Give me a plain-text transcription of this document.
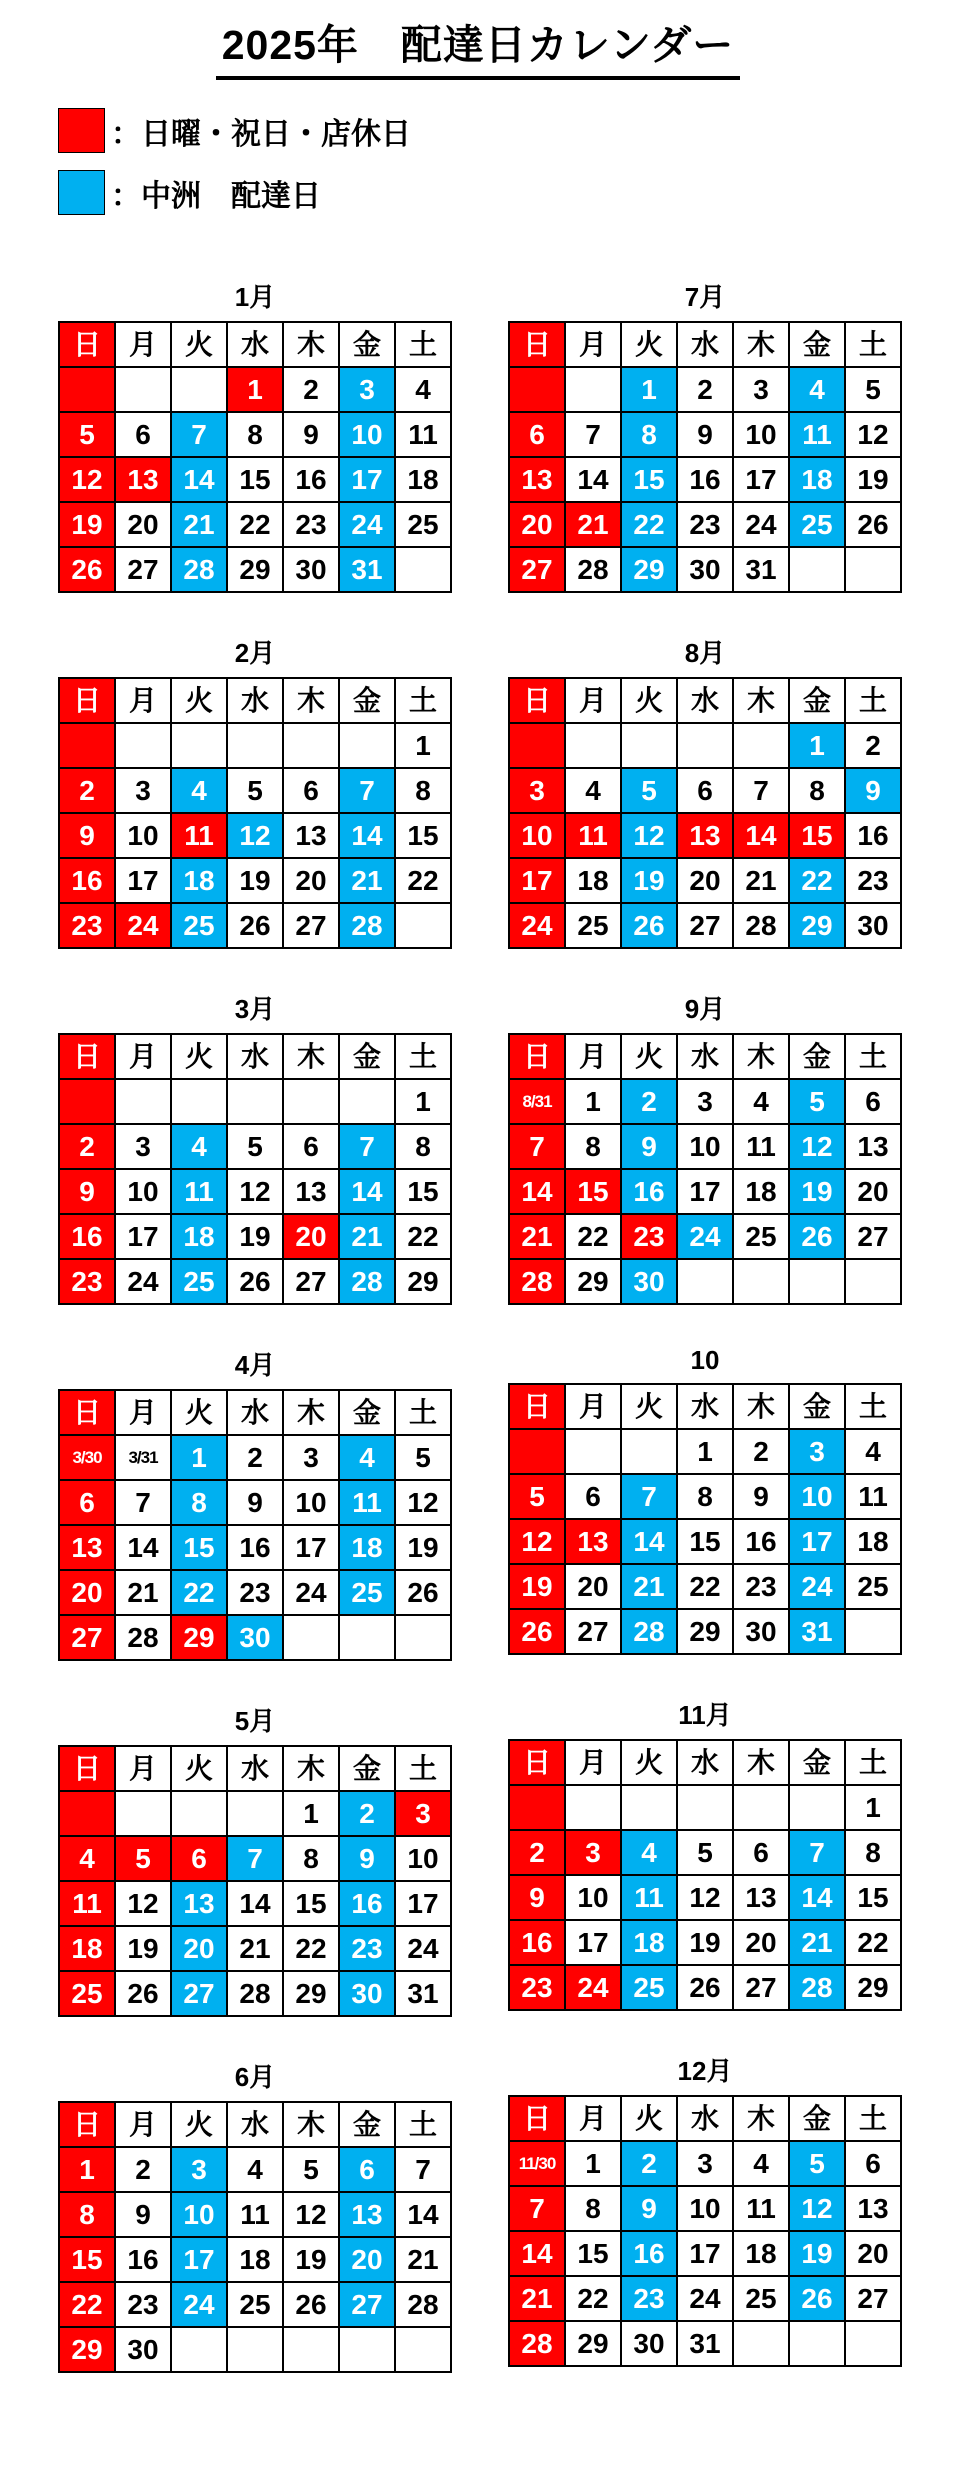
2025年　配達日カレンダー
：日曜・祝日・店休日
：中洲　配達日
1月
日	月	火	水	木	金	土
			1	2	3	4
5	6	7	8	9	10	11
12	13	14	15	16	17	18
19	20	21	22	23	24	25
26	27	28	29	30	31	
2月
日	月	火	水	木	金	土
						1
2	3	4	5	6	7	8
9	10	11	12	13	14	15
16	17	18	19	20	21	22
23	24	25	26	27	28	
3月
日	月	火	水	木	金	土
						1
2	3	4	5	6	7	8
9	10	11	12	13	14	15
16	17	18	19	20	21	22
23	24	25	26	27	28	29
4月
日	月	火	水	木	金	土
3/30	3/31	1	2	3	4	5
6	7	8	9	10	11	12
13	14	15	16	17	18	19
20	21	22	23	24	25	26
27	28	29	30			
5月
日	月	火	水	木	金	土
				1	2	3
4	5	6	7	8	9	10
11	12	13	14	15	16	17
18	19	20	21	22	23	24
25	26	27	28	29	30	31
6月
日	月	火	水	木	金	土
1	2	3	4	5	6	7
8	9	10	11	12	13	14
15	16	17	18	19	20	21
22	23	24	25	26	27	28
29	30					
7月
日	月	火	水	木	金	土
		1	2	3	4	5
6	7	8	9	10	11	12
13	14	15	16	17	18	19
20	21	22	23	24	25	26
27	28	29	30	31		
8月
日	月	火	水	木	金	土
					1	2
3	4	5	6	7	8	9
10	11	12	13	14	15	16
17	18	19	20	21	22	23
24	25	26	27	28	29	30
9月
日	月	火	水	木	金	土
8/31	1	2	3	4	5	6
7	8	9	10	11	12	13
14	15	16	17	18	19	20
21	22	23	24	25	26	27
28	29	30				
10
日	月	火	水	木	金	土
			1	2	3	4
5	6	7	8	9	10	11
12	13	14	15	16	17	18
19	20	21	22	23	24	25
26	27	28	29	30	31	
11月
日	月	火	水	木	金	土
						1
2	3	4	5	6	7	8
9	10	11	12	13	14	15
16	17	18	19	20	21	22
23	24	25	26	27	28	29
12月
日	月	火	水	木	金	土
11/30	1	2	3	4	5	6
7	8	9	10	11	12	13
14	15	16	17	18	19	20
21	22	23	24	25	26	27
28	29	30	31			
